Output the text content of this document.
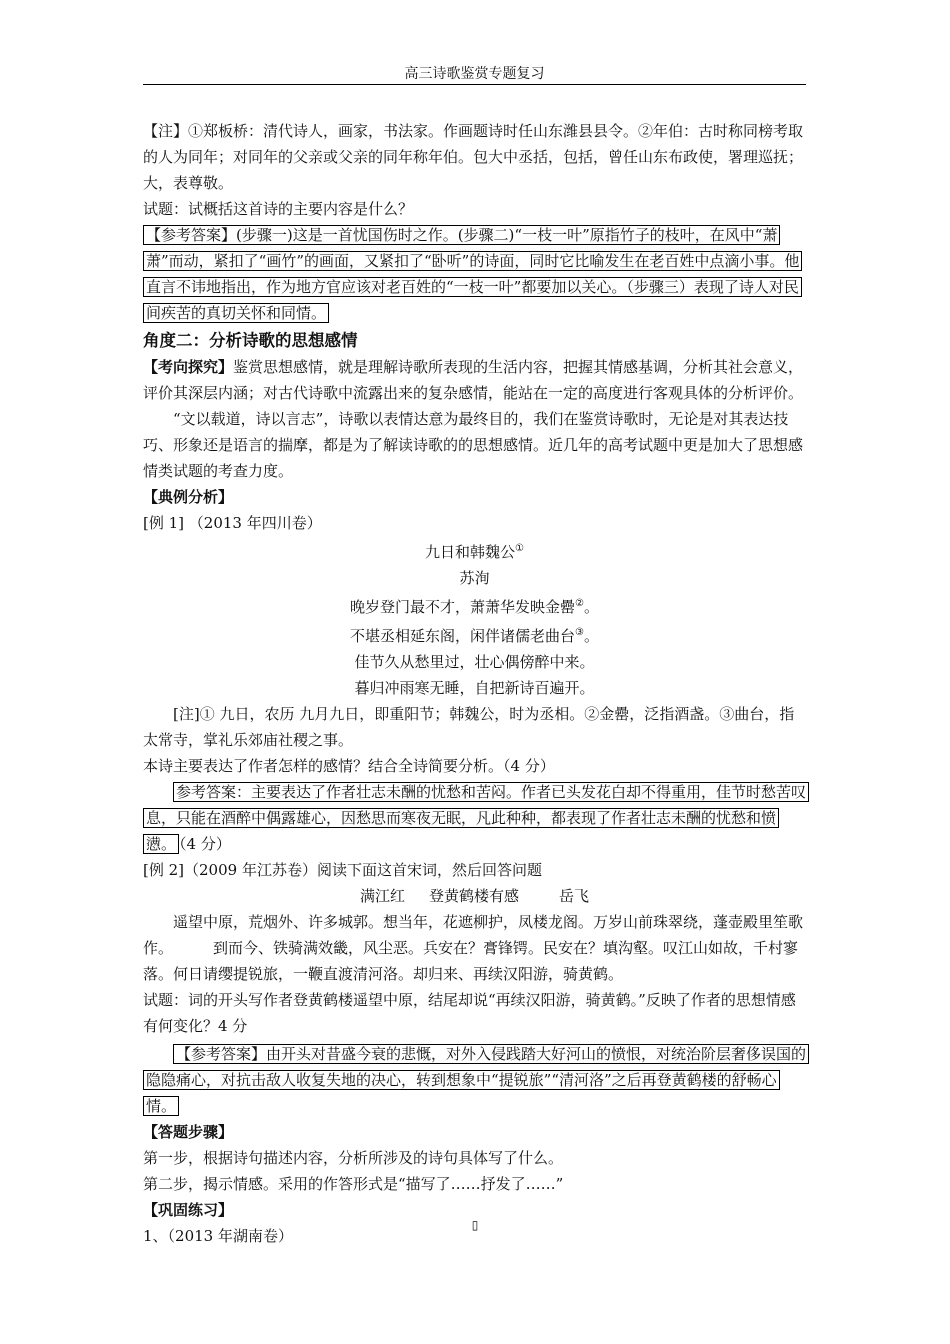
高三诗歌鉴赏专题复习

【注】①郑板桥：清代诗人，画家，书法家。作画题诗时任山东潍县县令。②年伯：古时称同榜考取的人为同年；对同年的父亲或父亲的同年称年伯。包大中丞括，包括，曾任山东布政使，署理巡抚；大，表尊敬。

试题：试概括这首诗的主要内容是什么？

【参考答案】(步骤一)这是一首忧国伤时之作。(步骤二)“一枝一叶”原指竹子的枝叶，在风中“萧萧”而动，紧扣了“画竹”的画面，又紧扣了“卧听”的诗面，同时它比喻发生在老百姓中点滴小事。他直言不讳地指出，作为地方官应该对老百姓的“一枝一叶”都要加以关心。（步骤三）表现了诗人对民间疾苦的真切关怀和同情。

角度二：分析诗歌的思想感情

【考向探究】鉴赏思想感情，就是理解诗歌所表现的生活内容，把握其情感基调，分析其社会意义，评价其深层内涵；对古代诗歌中流露出来的复杂感情，能站在一定的高度进行客观具体的分析评价。

“文以载道，诗以言志”，诗歌以表情达意为最终目的，我们在鉴赏诗歌时，无论是对其表达技巧、形象还是语言的揣摩，都是为了解读诗歌的的思想感情。近几年的高考试题中更是加大了思想感情类试题的考查力度。

【典例分析】

[例 1] （2013 年四川卷）

九日和韩魏公①

苏洵

晚岁登门最不才，萧萧华发映金罍②。

不堪丞相延东阁，闲伴诸儒老曲台③。

佳节久从愁里过，壮心偶傍醉中来。

暮归冲雨寒无睡，自把新诗百遍开。

[注]① 九日，农历 九月九日，即重阳节；韩魏公，时为丞相。②金罍，泛指酒盏。③曲台，指太常寺，掌礼乐郊庙社稷之事。

本诗主要表达了作者怎样的感情？结合全诗简要分析。（4 分）

参考答案：主要表达了作者壮志未酬的忧愁和苦闷。作者已头发花白却不得重用，佳节时愁苦叹息，只能在酒醉中偶露雄心，因愁思而寒夜无眠，凡此种种，都表现了作者壮志未酬的忧愁和愤懑。 （4 分）

[例 2]（2009 年江苏卷）阅读下面这首宋词，然后回答问题

满江红 登黄鹤楼有感	岳飞

遥望中原，荒烟外、许多城郭。想当年，花遮柳护，凤楼龙阁。万岁山前珠翠绕，蓬壶殿里笙歌作。	到而今、铁骑满效畿，风尘恶。兵安在？膏锋锷。民安在？填沟壑。叹江山如故，千村寥落。何日请缨提锐旅，一鞭直渡清河洛。却归来、再续汉阳游，骑黄鹤。

试题：词的开头写作者登黄鹤楼遥望中原，结尾却说“再续汉阳游，骑黄鹤。”反映了作者的思想情感有何变化？4 分

【参考答案】由开头对昔盛今衰的悲慨，对外入侵践踏大好河山的愤恨，对统治阶层奢侈误国的隐隐痛心，对抗击敌人收复失地的决心，转到想象中“提锐旅”“清河洛”之后再登黄鹤楼的舒畅心情。

【答题步骤】

第一步，根据诗句描述内容，分析所涉及的诗句具体写了什么。

第二步，揭示情感。采用的作答形式是“描写了……抒发了……”

【巩固练习】

1、（2013 年湖南卷）

▯
